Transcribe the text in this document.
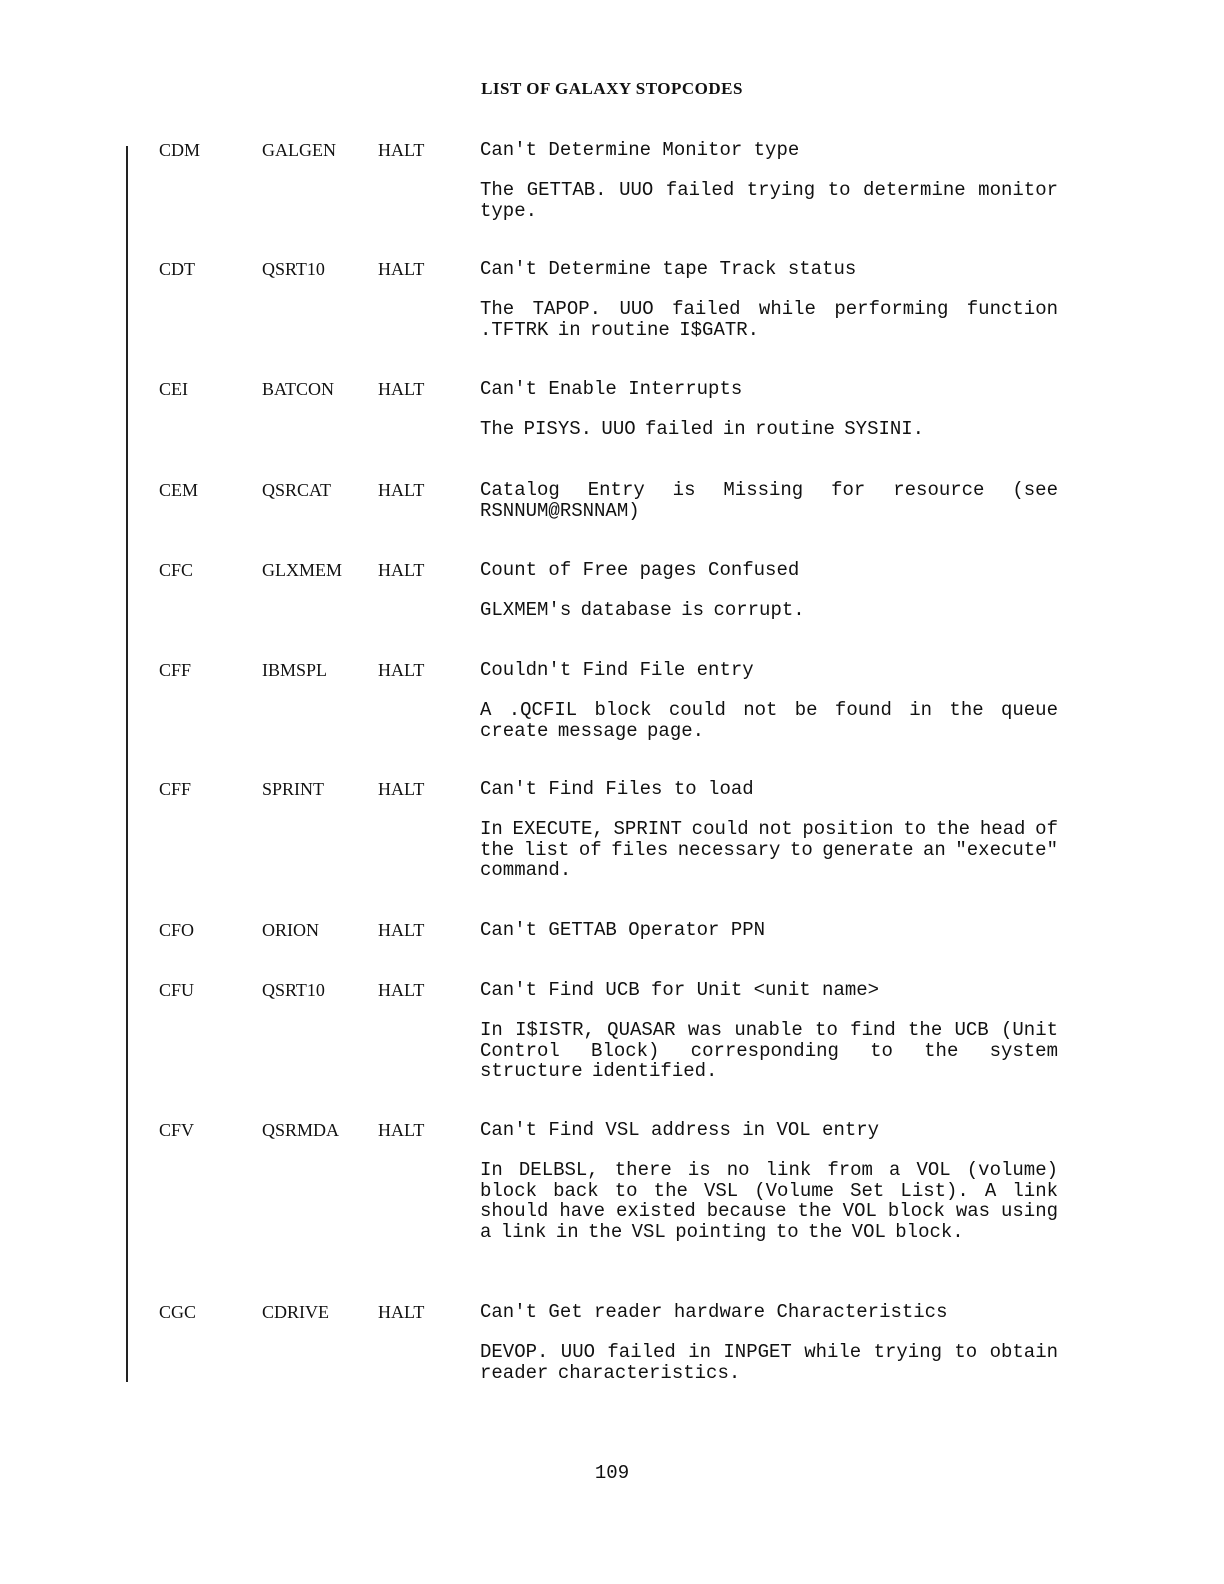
LIST OF GALAXY STOPCODES
CDM	GALGEN HALT	Can't Determine Monitor type
The GETTAB. UUO failed trying to determine monitor type.
CDT	QSRT10	HALT	Can't Determine tape Track status
The TAPOP. UUO failed while performing function .TFTRK in routine I$GATR.
CEI	BATCON HALT	Can't Enable Interrupts
The PISYS. UUO failed in routine SYSINI.
CEM	QSRCAT	HALT	Catalog Entry is Missing for resource (see RSNNUM@RSNNAM)
CFC	GLXMEM HALT	Count of Free pages Confused
GLXMEM's database is corrupt.
CFF	IBMSPL	HALT	Couldn't Find File entry
A .QCFIL block could not be found in the queue create message page.
CFF	SPRINT	HALT	Can't Find Files to load
In EXECUTE, SPRINT could not position to the head of the list of files necessary to generate an "execute" command.
CFO	ORION	HALT	Can't GETTAB Operator PPN
CFU	QSRT10	HALT	Can't Find UCB for Unit <unit name>
In I$ISTR, QUASAR was unable to find the UCB (Unit Control Block) corresponding to the system structure identified.
CFV	QSRMDA HALT	Can't Find VSL address in VOL entry
In DELBSL, there is no link from a VOL (volume) block back to the VSL (Volume Set List). A link should have existed because the VOL block was using a link in the VSL pointing to the VOL block.
CGC	CDRIVE	HALT	Can't Get reader hardware Characteristics
DEVOP. UUO failed in INPGET while trying to obtain reader characteristics.
109
